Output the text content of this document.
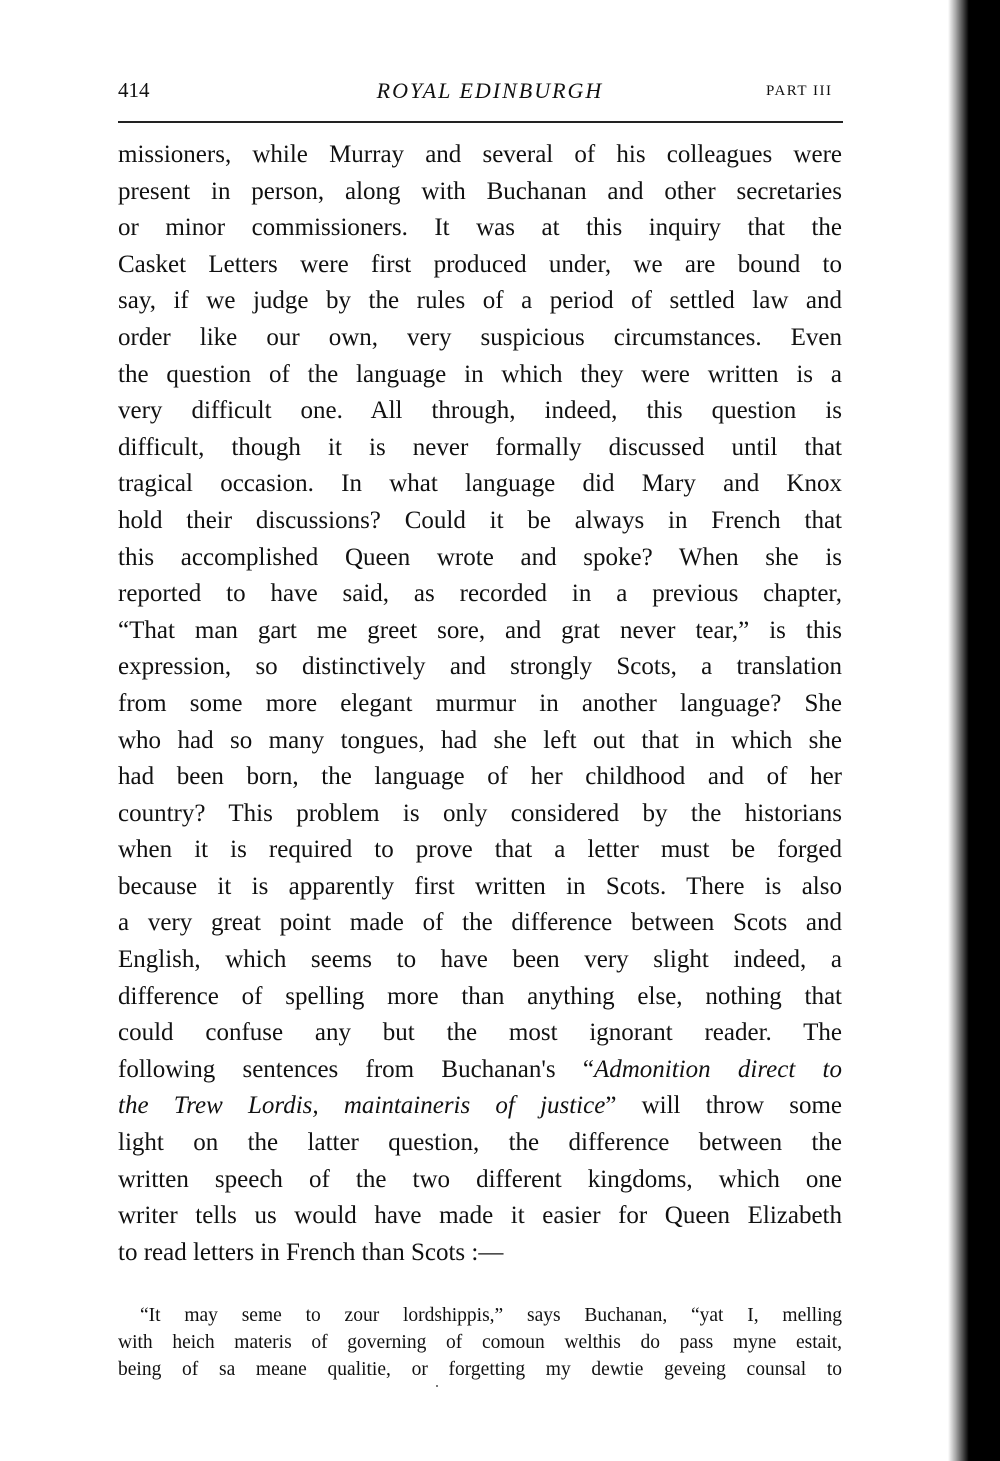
414	ROYAL EDINBURGH	PART III
missioners, while Murray and several of his colleagues were
present in person, along with Buchanan and other secretaries
or minor commissioners. It was at this inquiry that the
Casket Letters were first produced under, we are bound to
say, if we judge by the rules of a period of settled law and
order like our own, very suspicious circumstances. Even
the question of the language in which they were written is a
very difficult one. All through, indeed, this question is
difficult, though it is never formally discussed until that
tragical occasion. In what language did Mary and Knox
hold their discussions? Could it be always in French that
this accomplished Queen wrote and spoke? When she is
reported to have said, as recorded in a previous chapter,
“That man gart me greet sore, and grat never tear,” is this
expression, so distinctively and strongly Scots, a translation
from some more elegant murmur in another language? She
who had so many tongues, had she left out that in which she
had been born, the language of her childhood and of her
country? This problem is only considered by the historians
when it is required to prove that a letter must be forged
because it is apparently first written in Scots. There is also
a very great point made of the difference between Scots and
English, which seems to have been very slight indeed, a
difference of spelling more than anything else, nothing that
could confuse any but the most ignorant reader. The
following sentences from Buchanan's “Admonition direct to
the Trew Lordis, maintaineris of justice” will throw some
light on the latter question, the difference between the
written speech of the two different kingdoms, which one
writer tells us would have made it easier for Queen Elizabeth
to read letters in French than Scots :—
“It may seme to zour lordshippis,” says Buchanan, “yat I, melling
with heich materis of governing of comoun welthis do pass myne estait,
being of sa meane qualitie, or forgetting my dewtie geveing counsal to
